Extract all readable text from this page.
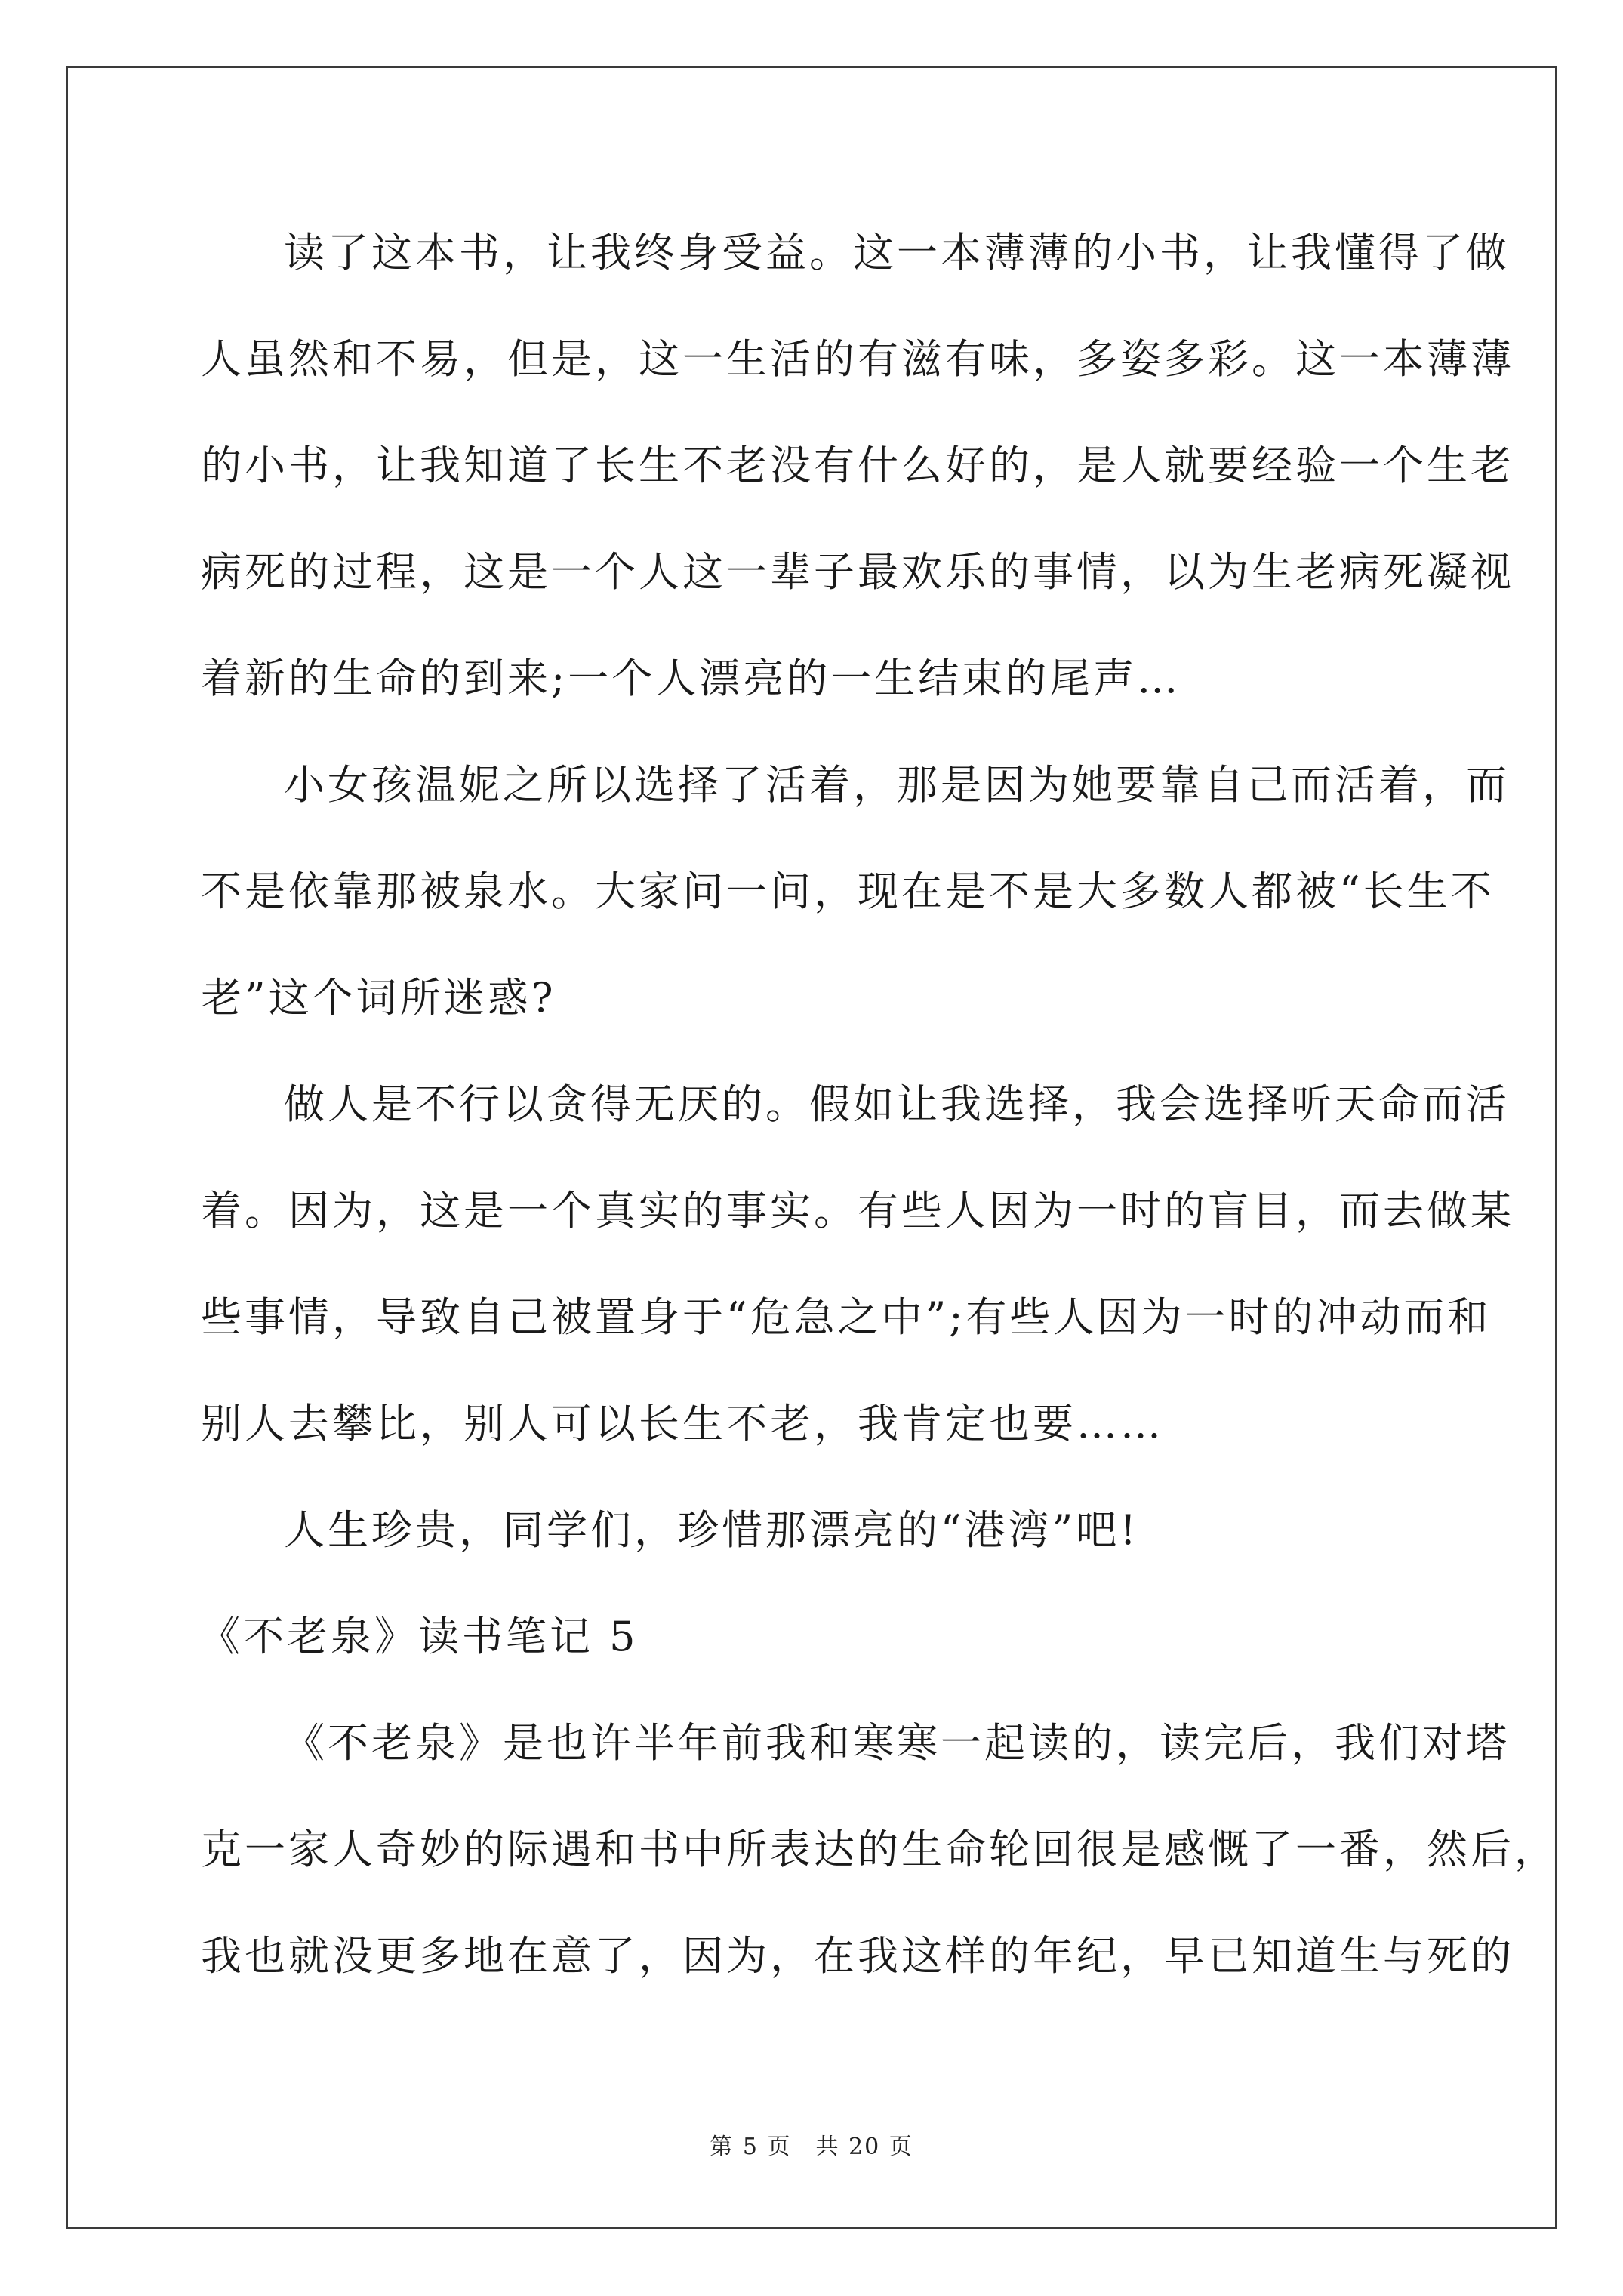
读了这本书，让我终身受益。这一本薄薄的小书，让我懂得了做
人虽然和不易，但是，这一生活的有滋有味，多姿多彩。这一本薄薄
的小书，让我知道了长生不老没有什么好的，是人就要经验一个生老
病死的过程，这是一个人这一辈子最欢乐的事情，以为生老病死凝视
着新的生命的到来;一个人漂亮的一生结束的尾声…
小女孩温妮之所以选择了活着，那是因为她要靠自己而活着，而
不是依靠那被泉水。大家问一问，现在是不是大多数人都被“长生不
老”这个词所迷惑?
做人是不行以贪得无厌的。假如让我选择，我会选择听天命而活
着。因为，这是一个真实的事实。有些人因为一时的盲目，而去做某
些事情，导致自己被置身于“危急之中”;有些人因为一时的冲动而和
别人去攀比，别人可以长生不老，我肯定也要……
人生珍贵，同学们，珍惜那漂亮的“港湾”吧!
《不老泉》读书笔记 5
《不老泉》是也许半年前我和寒寒一起读的，读完后，我们对塔
克一家人奇妙的际遇和书中所表达的生命轮回很是感慨了一番，然后，
我也就没更多地在意了，因为，在我这样的年纪，早已知道生与死的
第 5 页　共 20 页
